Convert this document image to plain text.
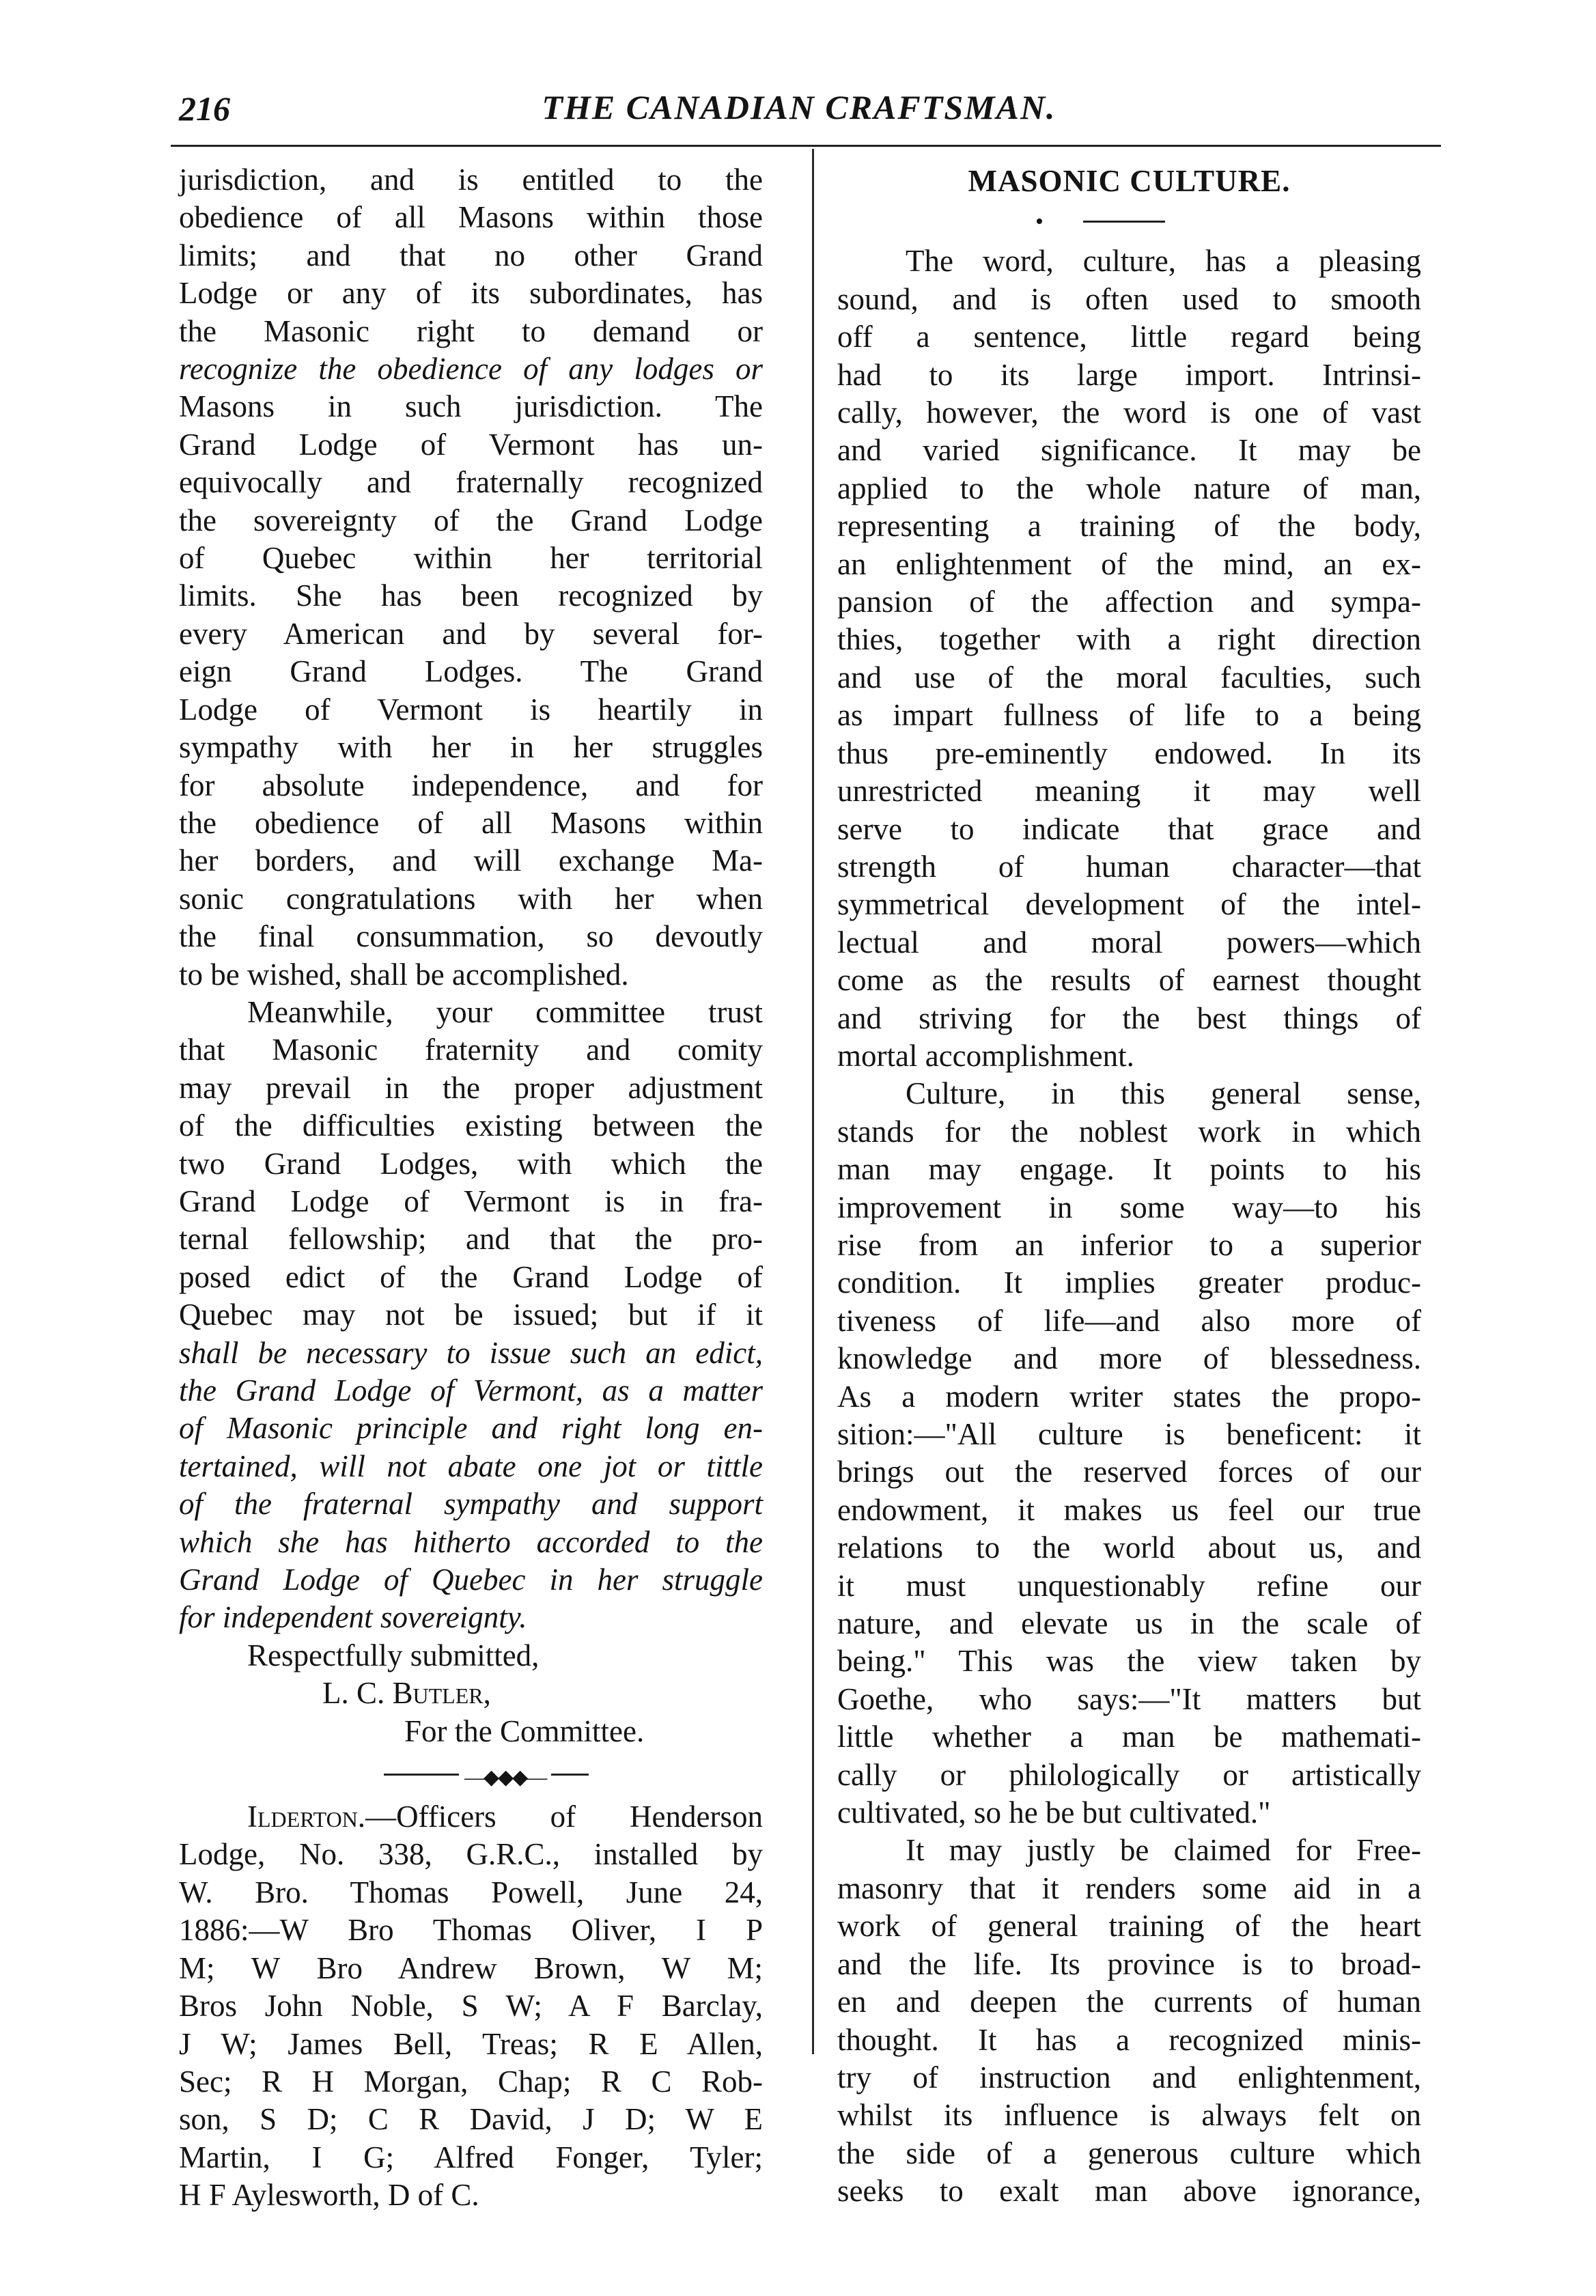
216	THE CANADIAN CRAFTSMAN.
jurisdiction, and is entitled to the
obedience of all Masons within those
limits; and that no other Grand
Lodge or any of its subordinates, has
the Masonic right to demand or
recognize the obedience of any lodges or
Masons in such jurisdiction. The
Grand Lodge of Vermont has un-
equivocally and fraternally recognized
the sovereignty of the Grand Lodge
of Quebec within her territorial
limits. She has been recognized by
every American and by several for-
eign Grand Lodges. The Grand
Lodge of Vermont is heartily in
sympathy with her in her struggles
for absolute independence, and for
the obedience of all Masons within
her borders, and will exchange Ma-
sonic congratulations with her when
the final consummation, so devoutly
to be wished, shall be accomplished.
Meanwhile, your committee trust
that Masonic fraternity and comity
may prevail in the proper adjustment
of the difficulties existing between the
two Grand Lodges, with which the
Grand Lodge of Vermont is in fra-
ternal fellowship; and that the pro-
posed edict of the Grand Lodge of
Quebec may not be issued; but if it
shall be necessary to issue such an edict,
the Grand Lodge of Vermont, as a matter
of Masonic principle and right long en-
tertained, will not abate one jot or tittle
of the fraternal sympathy and support
which she has hitherto accorded to the
Grand Lodge of Quebec in her struggle
for independent sovereignty.
Respectfully submitted,
L. C. Butler,
For the Committee.
—◆◆◆—
Ilderton.—Officers of Henderson
Lodge, No. 338, G.R.C., installed by
W. Bro. Thomas Powell, June 24,
1886:—W Bro Thomas Oliver, I P
M; W Bro Andrew Brown, W M;
Bros John Noble, S W; A F Barclay,
J W; James Bell, Treas; R E Allen,
Sec; R H Morgan, Chap; R C Rob-
son, S D; C R David, J D; W E
Martin, I G; Alfred Fonger, Tyler;
H F Aylesworth, D of C.
MASONIC CULTURE.
•
The word, culture, has a pleasing
sound, and is often used to smooth
off a sentence, little regard being
had to its large import. Intrinsi-
cally, however, the word is one of vast
and varied significance. It may be
applied to the whole nature of man,
representing a training of the body,
an enlightenment of the mind, an ex-
pansion of the affection and sympa-
thies, together with a right direction
and use of the moral faculties, such
as impart fullness of life to a being
thus pre-eminently endowed. In its
unrestricted meaning it may well
serve to indicate that grace and
strength of human character—that
symmetrical development of the intel-
lectual and moral powers—which
come as the results of earnest thought
and striving for the best things of
mortal accomplishment.
Culture, in this general sense,
stands for the noblest work in which
man may engage. It points to his
improvement in some way—to his
rise from an inferior to a superior
condition. It implies greater produc-
tiveness of life—and also more of
knowledge and more of blessedness.
As a modern writer states the propo-
sition:—"All culture is beneficent: it
brings out the reserved forces of our
endowment, it makes us feel our true
relations to the world about us, and
it must unquestionably refine our
nature, and elevate us in the scale of
being." This was the view taken by
Goethe, who says:—"It matters but
little whether a man be mathemati-
cally or philologically or artistically
cultivated, so he be but cultivated."
It may justly be claimed for Free-
masonry that it renders some aid in a
work of general training of the heart
and the life. Its province is to broad-
en and deepen the currents of human
thought. It has a recognized minis-
try of instruction and enlightenment,
whilst its influence is always felt on
the side of a generous culture which
seeks to exalt man above ignorance,
